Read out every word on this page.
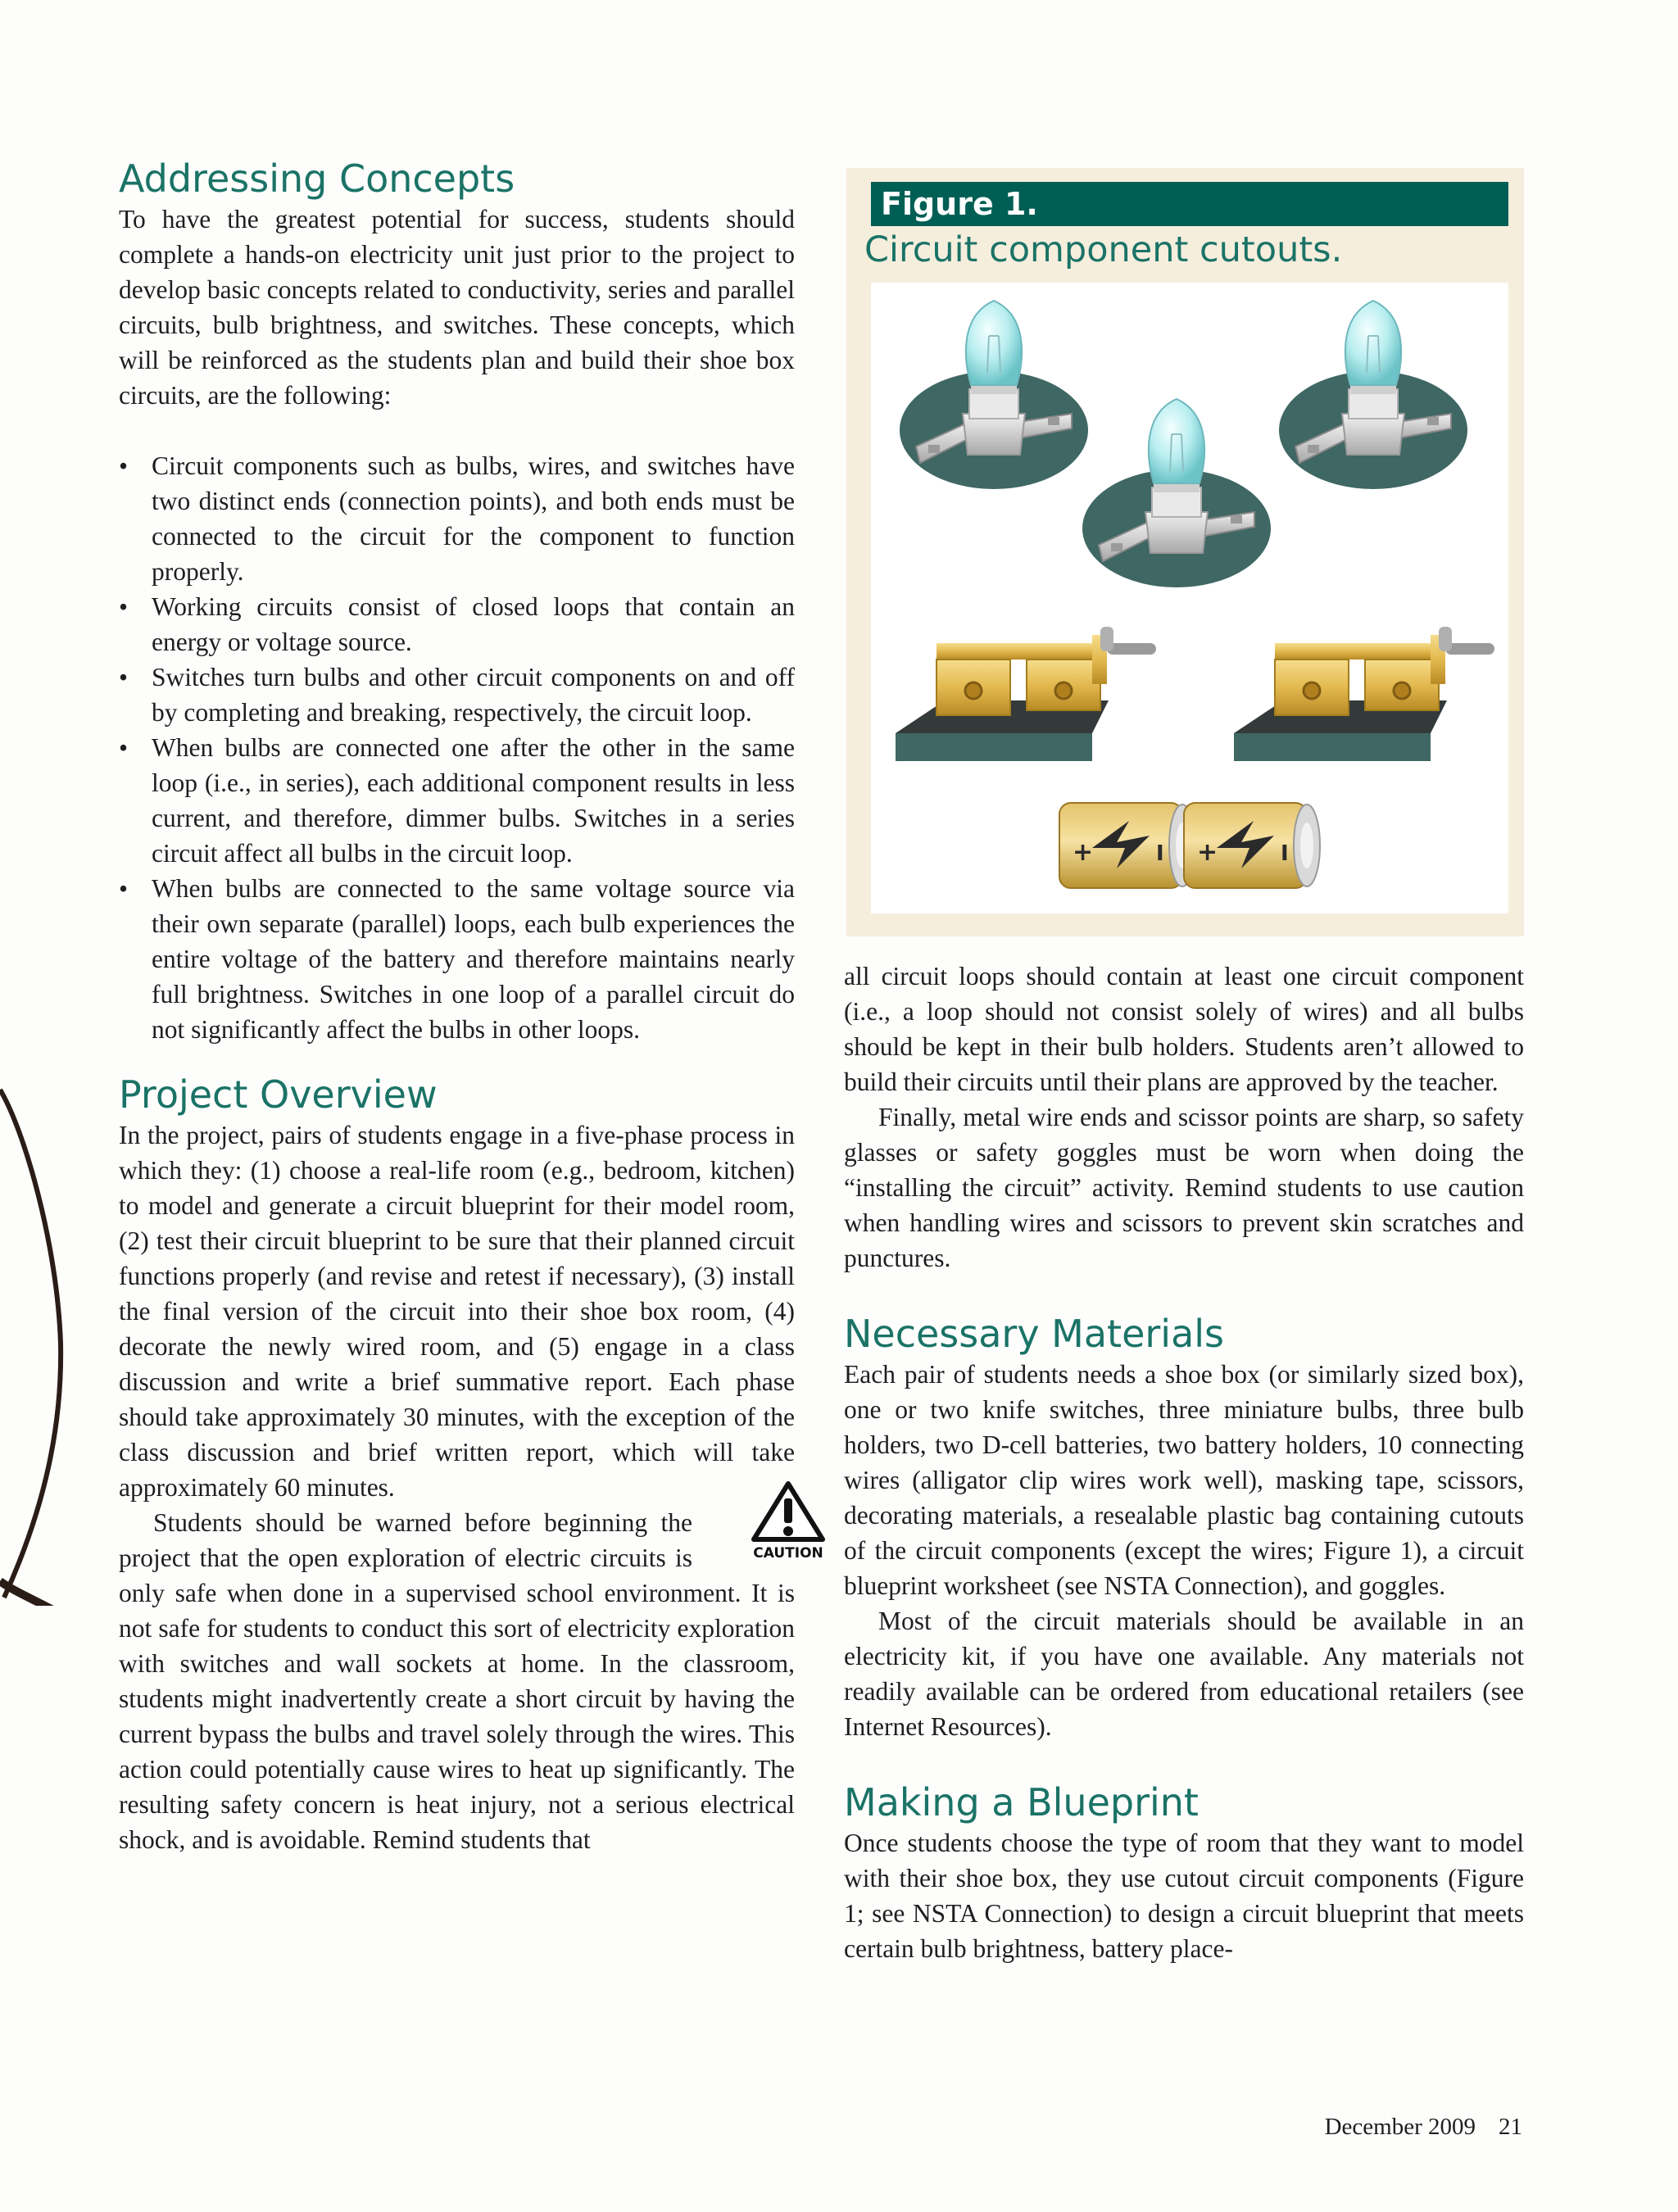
Addressing Concepts

To have the greatest potential for success, students should complete a hands-on electricity unit just prior to the project to develop basic concepts related to conductivity, series and parallel circuits, bulb brightness, and switches. These concepts, which will be reinforced as the students plan and build their shoe box circuits, are the following:

• Circuit components such as bulbs, wires, and switches have two distinct ends (connection points), and both ends must be connected to the circuit for the component to function properly.
• Working circuits consist of closed loops that contain an energy or voltage source.
• Switches turn bulbs and other circuit components on and off by completing and breaking, respectively, the circuit loop.
• When bulbs are connected one after the other in the same loop (i.e., in series), each additional component results in less current, and therefore, dimmer bulbs. Switches in a series circuit affect all bulbs in the circuit loop.
• When bulbs are connected to the same voltage source via their own separate (parallel) loops, each bulb experiences the entire voltage of the battery and therefore maintains nearly full brightness. Switches in one loop of a parallel circuit do not significantly affect the bulbs in other loops.
Project Overview

In the project, pairs of students engage in a five-phase process in which they: (1) choose a real-life room (e.g., bedroom, kitchen) to model and generate a circuit blueprint for their model room, (2) test their circuit blueprint to be sure that their planned circuit functions properly (and revise and retest if necessary), (3) install the final version of the circuit into their shoe box room, (4) decorate the newly wired room, and (5) engage in a class discussion and write a brief summative report. Each phase should take approximately 30 minutes, with the exception of the class discussion and brief written report, which will take approximately 60 minutes.

CAUTION
Students should be warned before beginning the project that the open exploration of electric circuits is only safe when done in a supervised school environment. It is not safe for students to conduct this sort of electricity exploration with switches and wall sockets at home. In the classroom, students might inadvertently create a short circuit by having the current bypass the bulbs and travel solely through the wires. This action could potentially cause wires to heat up significantly. The resulting safety concern is heat injury, not a serious electrical shock, and is avoidable. Remind students that

Figure 1.
Circuit component cutouts.
+

all circuit loops should contain at least one circuit component (i.e., a loop should not consist solely of wires) and all bulbs should be kept in their bulb holders. Students aren’t allowed to build their circuits until their plans are approved by the teacher.

Finally, metal wire ends and scissor points are sharp, so safety glasses or safety goggles must be worn when doing the “installing the circuit” activity. Remind students to use caution when handling wires and scissors to prevent skin scratches and punctures.

Necessary Materials

Each pair of students needs a shoe box (or similarly sized box), one or two knife switches, three miniature bulbs, three bulb holders, two D-cell batteries, two battery holders, 10 connecting wires (alligator clip wires work well), masking tape, scissors, decorating materials, a resealable plastic bag containing cutouts of the circuit components (except the wires; Figure 1), a circuit blueprint worksheet (see NSTA Connection), and goggles.

Most of the circuit materials should be available in an electricity kit, if you have one available. Any materials not readily available can be ordered from educational retailers (see Internet Resources).

Making a Blueprint

Once students choose the type of room that they want to model with their shoe box, they use cutout circuit components (Figure 1; see NSTA Connection) to design a circuit blueprint that meets certain bulb brightness, battery place-

December 2009 21
